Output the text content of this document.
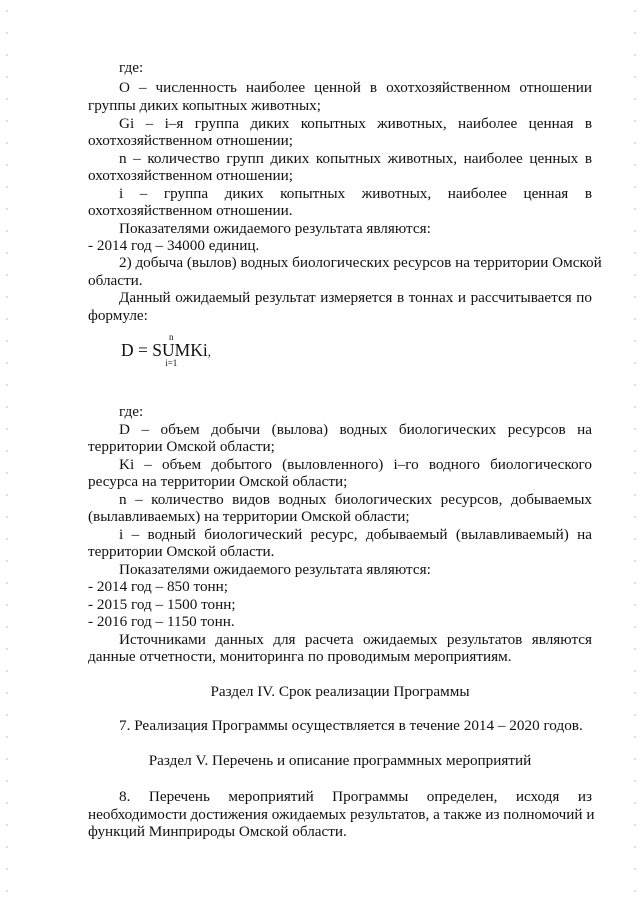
где:
O – численность наиболее ценной в охотхозяйственном отношении
группы диких копытных животных;
Gi – i–я группа диких копытных животных, наиболее ценная в
охотхозяйственном отношении;
n – количество групп диких копытных животных, наиболее ценных в
охотхозяйственном отношении;
i – группа диких копытных животных, наиболее ценная в
охотхозяйственном отношении.
Показателями ожидаемого результата являются:
- 2014 год – 34000 единиц.
2) добыча (вылов) водных биологических ресурсов на территории Омской
области.
Данный ожидаемый результат измеряется в тоннах и рассчитывается по
формуле:
D =
n
SUM
i=1
Ki,
где:
D – объем добычи (вылова) водных биологических ресурсов на
территории Омской области;
Ki – объем добытого (выловленного) i–го водного биологического
ресурса на территории Омской области;
n – количество видов водных биологических ресурсов, добываемых
(вылавливаемых) на территории Омской области;
i – водный биологический ресурс, добываемый (вылавливаемый) на
территории Омской области.
Показателями ожидаемого результата являются:
- 2014 год – 850 тонн;
- 2015 год – 1500 тонн;
- 2016 год – 1150 тонн.
Источниками данных для расчета ожидаемых результатов являются
данные отчетности, мониторинга по проводимым мероприятиям.
Раздел IV. Срок реализации Программы
7. Реализация Программы осуществляется в течение 2014 – 2020 годов.
Раздел V. Перечень и описание программных мероприятий
8. Перечень мероприятий Программы определен, исходя из
необходимости достижения ожидаемых результатов, а также из полномочий и
функций Минприроды Омской области.
